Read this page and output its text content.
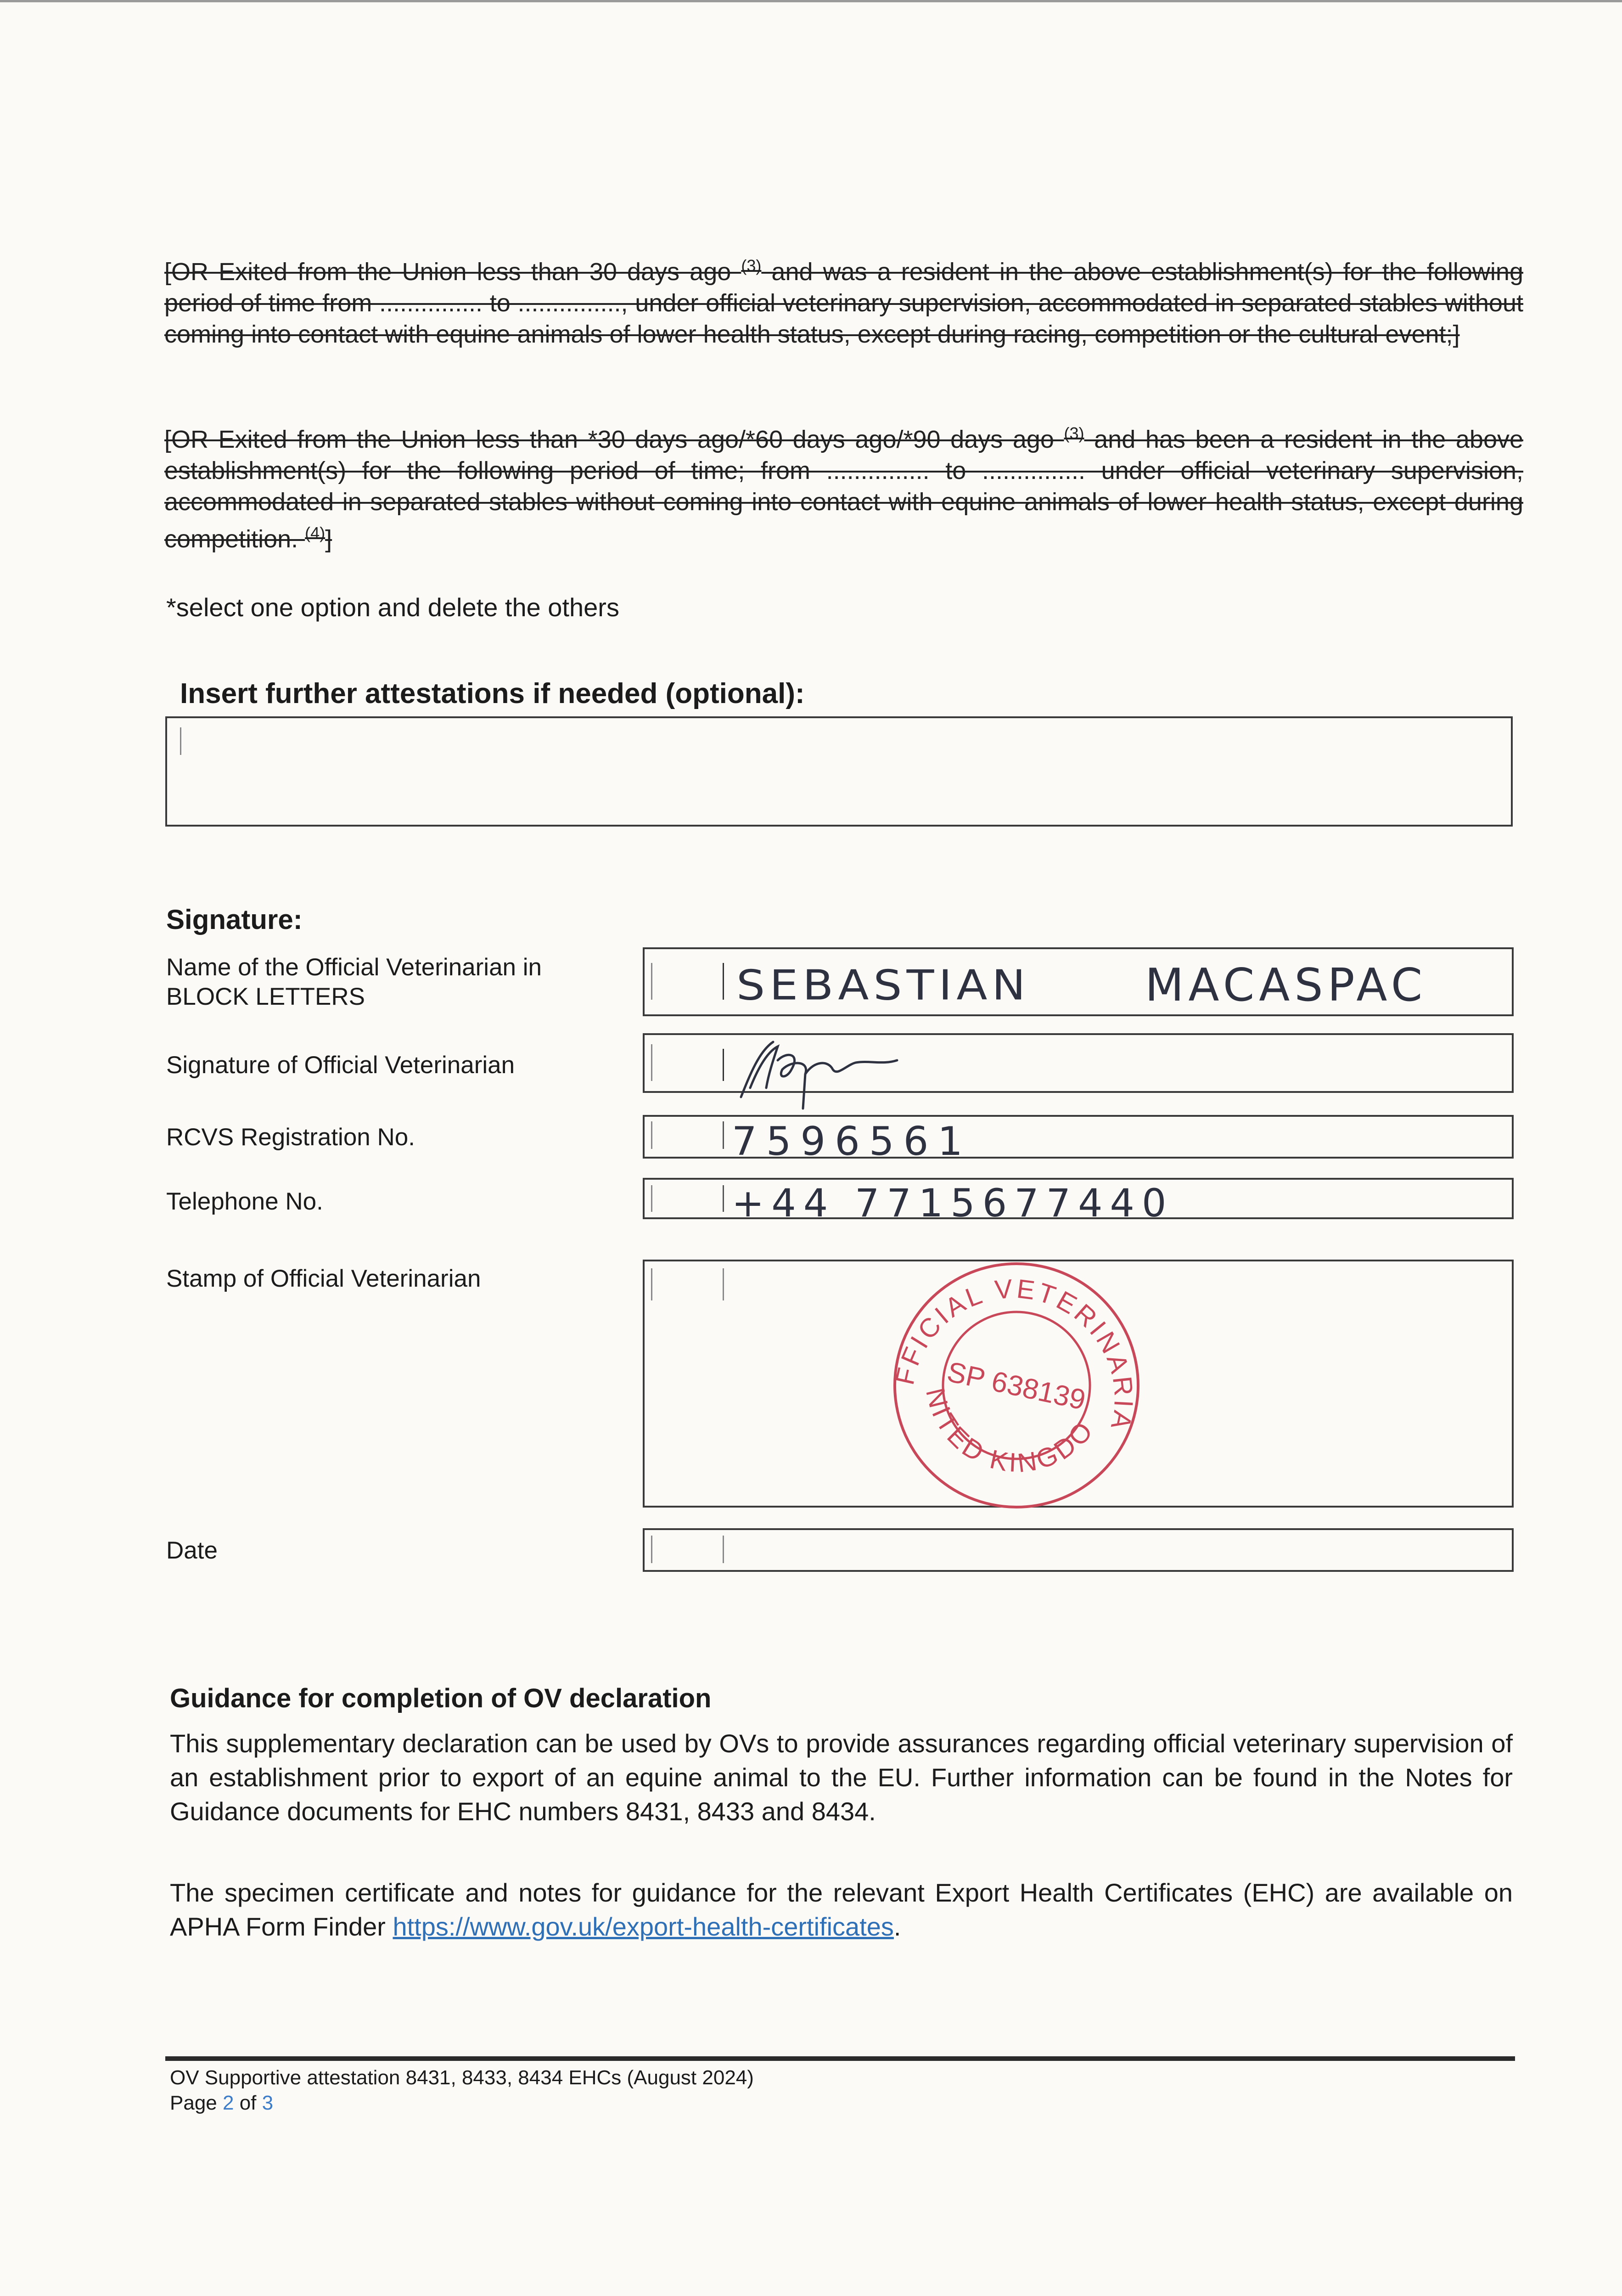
[OR Exited from the Union less than 30 days ago $^{(3)}$ and was a resident in the above establishment(s) for the following period of time from ............... to ..............., under official veterinary supervision, accommodated in separated stables without coming into contact with equine animals of lower health status, except during racing, competition or the cultural event;]
[OR Exited from the Union less than *30 days ago/*60 days ago/*90 days ago $^{(3)}$ and has been a resident in the above establishment(s) for the following period of time; from ............... to ............... under official veterinary supervision, accommodated in separated stables without coming into contact with equine animals of lower health status, except during competition. $^{(4)}$]
*select one option and delete the others
Insert further attestations if needed (optional):
Signature:
Name of the Official Veterinarian in BLOCK LETTERS	SEBASTIAN	MACASPAC
Signature of Official Veterinarian
RCVS Registration No.	7596561
Telephone No.	+44 7715677440
Stamp of Official Veterinarian
OFFICIAL VETERINARIAN
UNITED KINGDOM
SP 638139
Date
Guidance for completion of OV declaration
This supplementary declaration can be used by OVs to provide assurances regarding official veterinary supervision of an establishment prior to export of an equine animal to the EU. Further information can be found in the Notes for Guidance documents for EHC numbers 8431, 8433 and 8434.
The specimen certificate and notes for guidance for the relevant Export Health Certificates (EHC) are available on APHA Form Finder https://www.gov.uk/export-health-certificates.
OV Supportive attestation 8431, 8433, 8434 EHCs (August 2024)
Page 2 of 3
